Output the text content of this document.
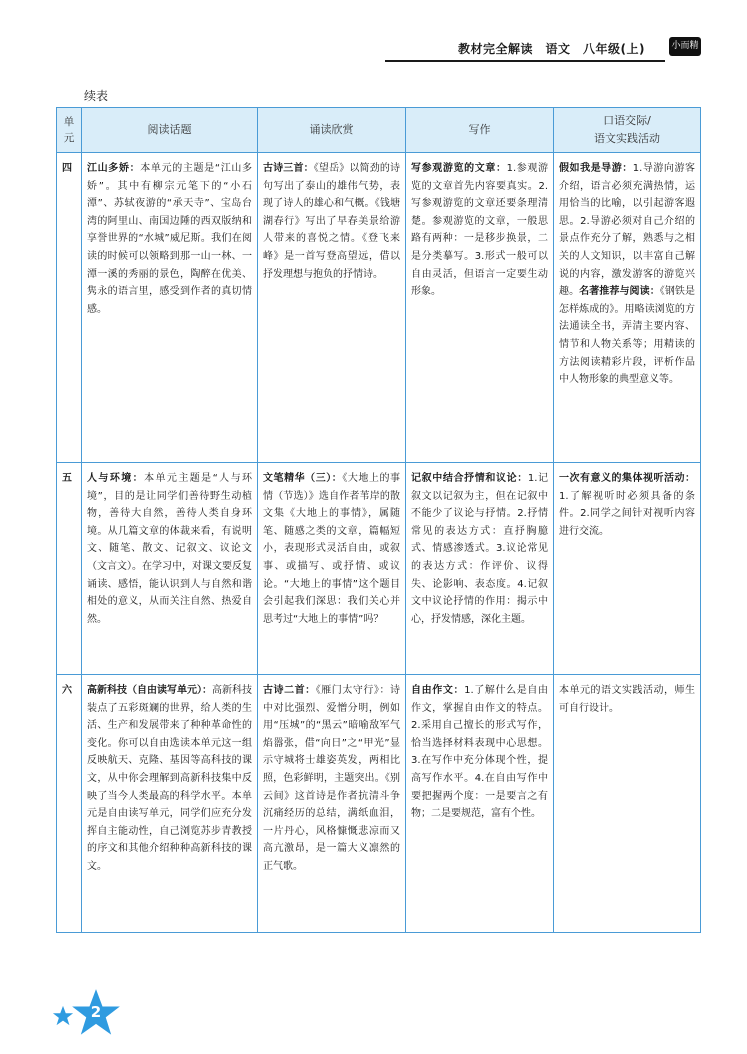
教材完全解读　语文　八年级(上)	小而精
续表
单元	阅读话题	诵读欣赏	写作	口语交际/
语文实践活动
四	江山多娇：本单元的主题是“江山多娇”。其中有柳宗元笔下的“小石潭”、苏轼夜游的“承天寺”、宝岛台湾的阿里山、南国边陲的西双版纳和享誉世界的“水城”威尼斯。我们在阅读的时候可以领略到那一山一林、一潭一溪的秀丽的景色，陶醉在优美、隽永的语言里，感受到作者的真切情感。	古诗三首：《望岳》以简劲的诗句写出了泰山的雄伟气势，表现了诗人的雄心和气概。《钱塘湖春行》写出了早春美景给游人带来的喜悦之情。《登飞来峰》是一首写登高望远，借以抒发理想与抱负的抒情诗。	写参观游览的文章：1.参观游览的文章首先内容要真实。2.写参观游览的文章还要条理清楚。参观游览的文章，一般思路有两种：一是移步换景，二是分类摹写。3.形式一般可以自由灵活，但语言一定要生动形象。	假如我是导游：1.导游向游客介绍，语言必须充满热情，运用恰当的比喻，以引起游客遐思。2.导游必须对自己介绍的景点作充分了解，熟悉与之相关的人文知识，以丰富自己解说的内容，激发游客的游览兴趣。名著推荐与阅读：《钢铁是怎样炼成的》。用略读浏览的方法通读全书，弄清主要内容、情节和人物关系等；用精读的方法阅读精彩片段，评析作品中人物形象的典型意义等。
五	人与环境：本单元主题是“人与环境”，目的是让同学们善待野生动植物，善待大自然，善待人类自身环境。从几篇文章的体裁来看，有说明文、随笔、散文、记叙文、议论文（文言文）。在学习中，对课文要反复诵读、感悟，能认识到人与自然和谐相处的意义，从而关注自然、热爱自然。	文笔精华（三）：《大地上的事情（节选）》选自作者苇岸的散文集《大地上的事情》，属随笔、随感之类的文章，篇幅短小，表现形式灵活自由，或叙事、或描写、或抒情、或议论。“大地上的事情”这个题目会引起我们深思：我们关心并思考过“大地上的事情”吗？	记叙中结合抒情和议论：1.记叙文以记叙为主，但在记叙中不能少了议论与抒情。2.抒情常见的表达方式：直抒胸臆式、情感渗透式。3.议论常见的表达方式：作评价、议得失、论影响、表态度。4.记叙文中议论抒情的作用：揭示中心，抒发情感，深化主题。	一次有意义的集体视听活动：1.了解视听时必须具备的条件。2.同学之间针对视听内容进行交流。
六	高新科技（自由读写单元）：高新科技装点了五彩斑斓的世界，给人类的生活、生产和发展带来了种种革命性的变化。你可以自由选读本单元这一组反映航天、克隆、基因等高科技的课文，从中你会理解到高新科技集中反映了当今人类最高的科学水平。本单元是自由读写单元，同学们应充分发挥自主能动性，自己浏览苏步青教授的序文和其他介绍种种高新科技的课文。	古诗二首：《雁门太守行》：诗中对比强烈、爱憎分明，例如用“压城”的“黑云”暗喻敌军气焰嚣张，借“向日”之“甲光”显示守城将士雄姿英发，两相比照，色彩鲜明，主题突出。《别云间》这首诗是作者抗清斗争沉痛经历的总结，满纸血泪，一片丹心，风格慷慨悲凉而又高亢激昂，是一篇大义凛然的正气歌。	自由作文：1.了解什么是自由作文，掌握自由作文的特点。2.采用自己擅长的形式写作，恰当选择材料表现中心思想。3.在写作中充分体现个性，提高写作水平。4.在自由写作中要把握两个度：一是要言之有物；二是要规范，富有个性。	本单元的语文实践活动，师生可自行设计。
2
